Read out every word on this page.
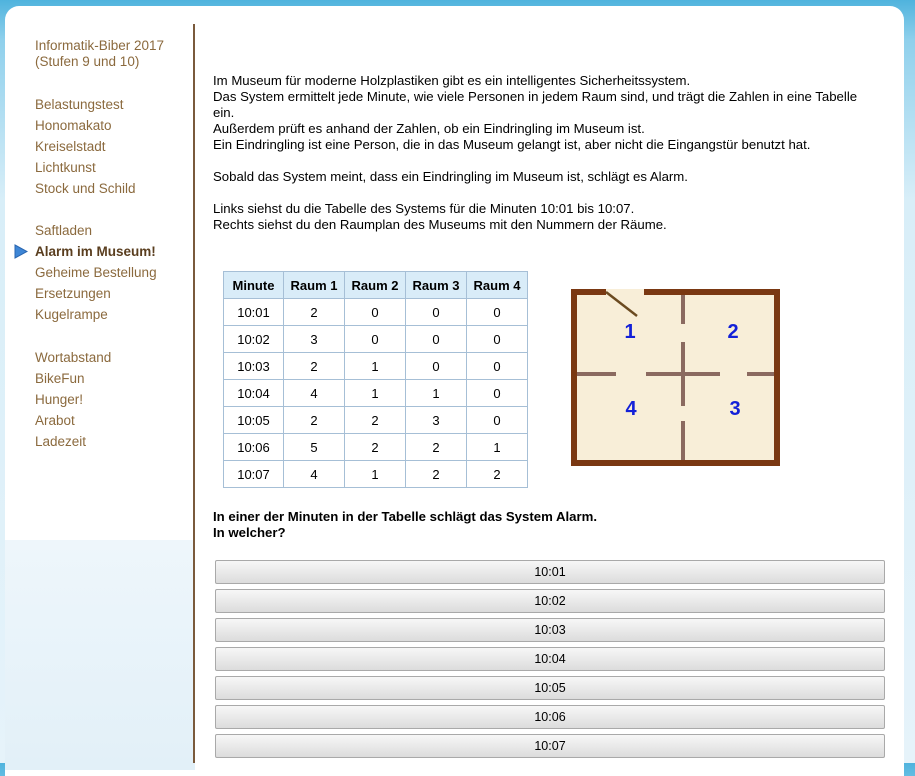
Informatik-Biber 2017
(Stufen 9 und 10)
Belastungstest
Honomakato
Kreiselstadt
Lichtkunst
Stock und Schild
Saftladen
Alarm im Museum!
Geheime Bestellung
Ersetzungen
Kugelrampe
Wortabstand
BikeFun
Hunger!
Arabot
Ladezeit

Im Museum für moderne Holzplastiken gibt es ein intelligentes Sicherheitssystem.
Das System ermittelt jede Minute, wie viele Personen in jedem Raum sind, und trägt die Zahlen in eine Tabelle ein.
Außerdem prüft es anhand der Zahlen, ob ein Eindringling im Museum ist.
Ein Eindringling ist eine Person, die in das Museum gelangt ist, aber nicht die Eingangstür benutzt hat.

Sobald das System meint, dass ein Eindringling im Museum ist, schlägt es Alarm.

Links siehst du die Tabelle des Systems für die Minuten 10:01 bis 10:07.
Rechts siehst du den Raumplan des Museums mit den Nummern der Räume.

Minute	Raum 1	Raum 2	Raum 3	Raum 4
10:01	2	0	0	0
10:02	3	0	0	0
10:03	2	1	0	0
10:04	4	1	1	0
10:05	2	2	3	0
10:06	5	2	2	1
10:07	4	1	2	2
1	2
3
4
In einer der Minuten in der Tabelle schlägt das System Alarm.
In welcher?
10:01
10:02
10:03
10:04
10:05
10:06
10:07
